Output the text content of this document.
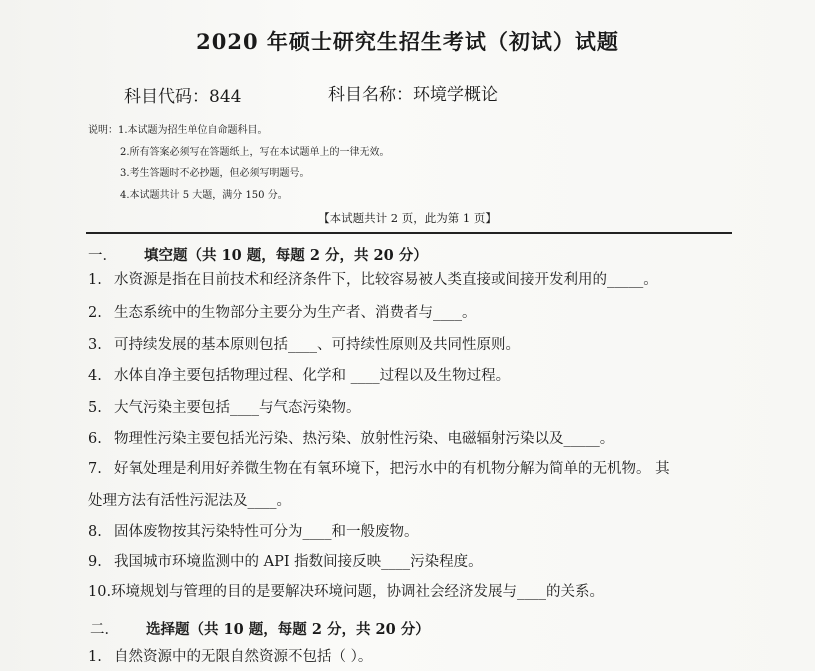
2020 年硕士研究生招生考试（初试）试题
科目代码：844	科目名称：环境学概论
说明：1.本试题为招生单位自命题科目。
2.所有答案必须写在答题纸上，写在本试题单上的一律无效。
3.考生答题时不必抄题，但必须写明题号。
4.本试题共计 5 大题，满分 150 分。
【本试题共计 2 页，此为第 1 页】
一． 填空题（共 10 题，每题 2 分，共 20 分）
1. 水资源是指在目前技术和经济条件下，比较容易被人类直接或间接开发利用的_____。
2. 生态系统中的生物部分主要分为生产者、消费者与____。
3. 可持续发展的基本原则包括____、可持续性原则及共同性原则。
4. 水体自净主要包括物理过程、化学和 ____过程以及生物过程。
5. 大气污染主要包括____与气态污染物。
6. 物理性污染主要包括光污染、热污染、放射性污染、电磁辐射污染以及_____。
7. 好氧处理是利用好养微生物在有氧环境下，把污水中的有机物分解为简单的无机物。 其
处理方法有活性污泥法及____。
8. 固体废物按其污染特性可分为____和一般废物。
9. 我国城市环境监测中的 API 指数间接反映____污染程度。
10.环境规划与管理的目的是要解决环境问题，协调社会经济发展与____的关系。
二． 选择题（共 10 题，每题 2 分，共 20 分）
1. 自然资源中的无限自然资源不包括（ ）。
